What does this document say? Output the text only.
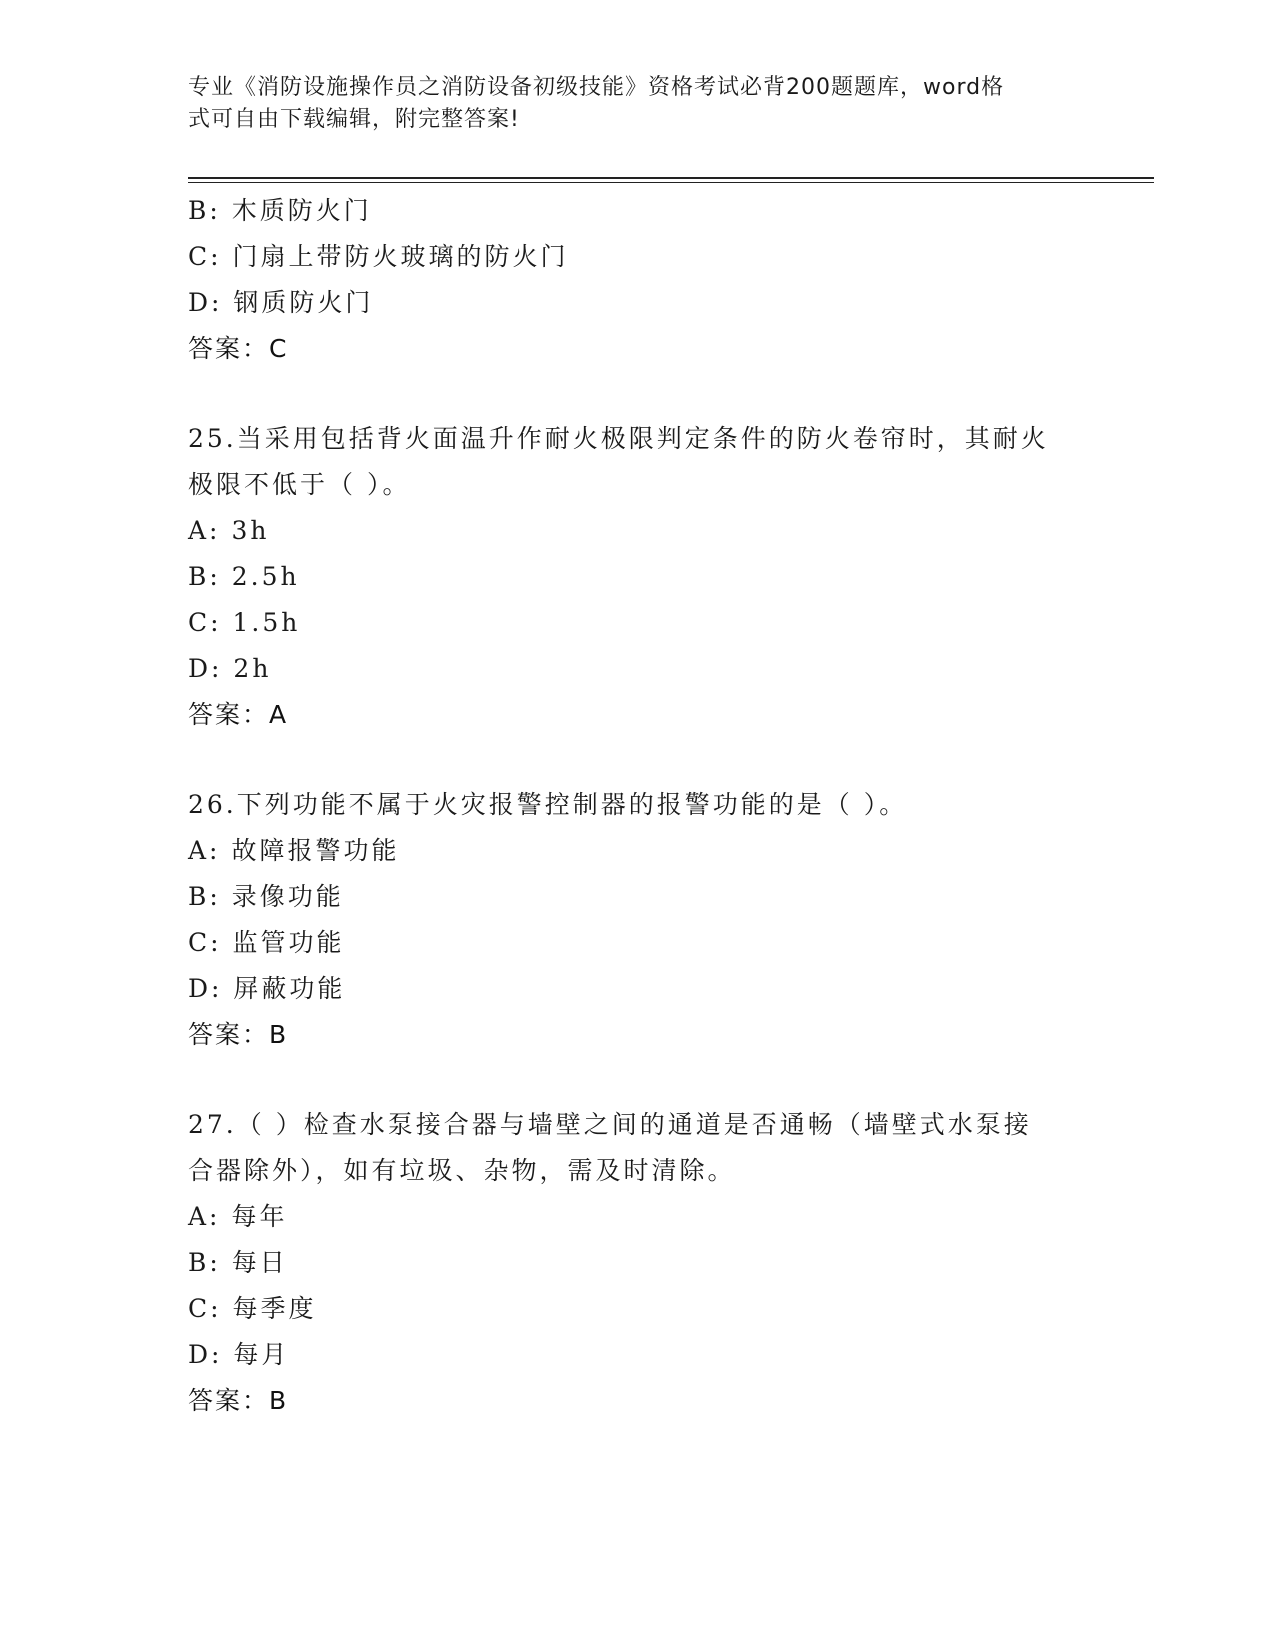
专业《消防设施操作员之消防设备初级技能》资格考试必背200题题库，word格
式可自由下载编辑，附完整答案!
B: 木质防火门
C: 门扇上带防火玻璃的防火门
D: 钢质防火门
答案：C
25.当采用包括背火面温升作耐火极限判定条件的防火卷帘时，其耐火
极限不低于（ ）。
A: 3h
B: 2.5h
C: 1.5h
D: 2h
答案：A
26.下列功能不属于火灾报警控制器的报警功能的是（ ）。
A: 故障报警功能
B: 录像功能
C: 监管功能
D: 屏蔽功能
答案：B
27.（ ）检查水泵接合器与墙壁之间的通道是否通畅（墙壁式水泵接
合器除外），如有垃圾、杂物，需及时清除。
A: 每年
B: 每日
C: 每季度
D: 每月
答案：B
